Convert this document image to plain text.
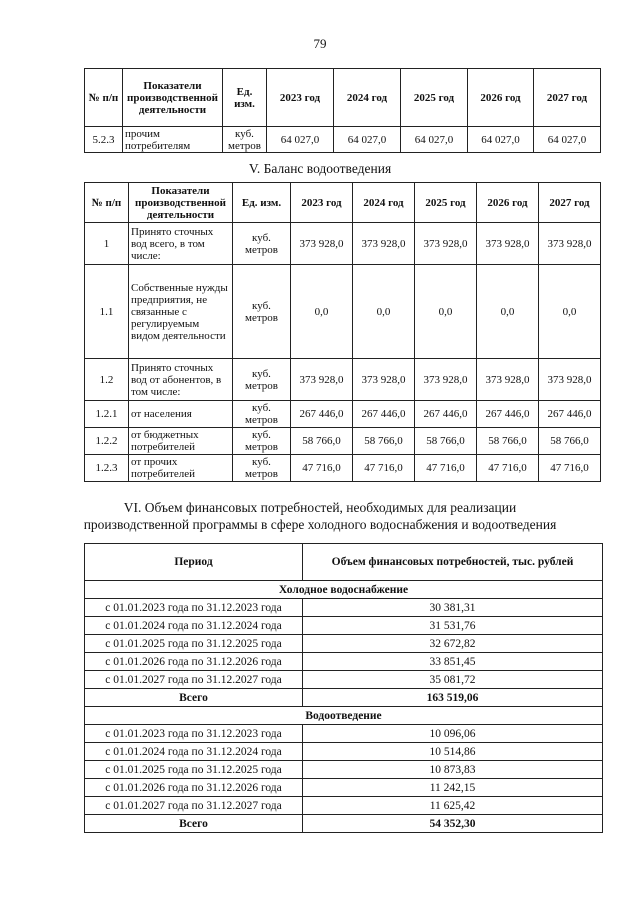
79
№ п/п	Показатели производственной деятельности	Ед. изм.	2023 год	2024 год	2025 год	2026 год	2027 год
5.2.3	прочим потребителям	куб. метров	64 027,0	64 027,0	64 027,0	64 027,0	64 027,0
V. Баланс водоотведения
№ п/п	Показатели производственной деятельности	Ед. изм.	2023 год	2024 год	2025 год	2026 год	2027 год
1	Принято сточных вод всего, в том числе:	куб. метров	373 928,0	373 928,0	373 928,0	373 928,0	373 928,0
1.1	Собственные нужды предприятия, не связанные с регулируемым видом деятельности	куб. метров	0,0	0,0	0,0	0,0	0,0
1.2	Принято сточных вод от абонентов, в том числе:	куб. метров	373 928,0	373 928,0	373 928,0	373 928,0	373 928,0
1.2.1	от населения	куб. метров	267 446,0	267 446,0	267 446,0	267 446,0	267 446,0
1.2.2	от бюджетных потребителей	куб. метров	58 766,0	58 766,0	58 766,0	58 766,0	58 766,0
1.2.3	от прочих потребителей	куб. метров	47 716,0	47 716,0	47 716,0	47 716,0	47 716,0
VI. Объем финансовых потребностей, необходимых для реализации
производственной программы в сфере холодного водоснабжения и водоотведения
Период	Объем финансовых потребностей, тыс. рублей
Холодное водоснабжение	
с 01.01.2023 года по 31.12.2023 года	30 381,31
с 01.01.2024 года по 31.12.2024 года	31 531,76
с 01.01.2025 года по 31.12.2025 года	32 672,82
с 01.01.2026 года по 31.12.2026 года	33 851,45
с 01.01.2027 года по 31.12.2027 года	35 081,72
Всего	163 519,06
Водоотведение	
с 01.01.2023 года по 31.12.2023 года	10 096,06
с 01.01.2024 года по 31.12.2024 года	10 514,86
с 01.01.2025 года по 31.12.2025 года	10 873,83
с 01.01.2026 года по 31.12.2026 года	11 242,15
с 01.01.2027 года по 31.12.2027 года	11 625,42
Всего	54 352,30
